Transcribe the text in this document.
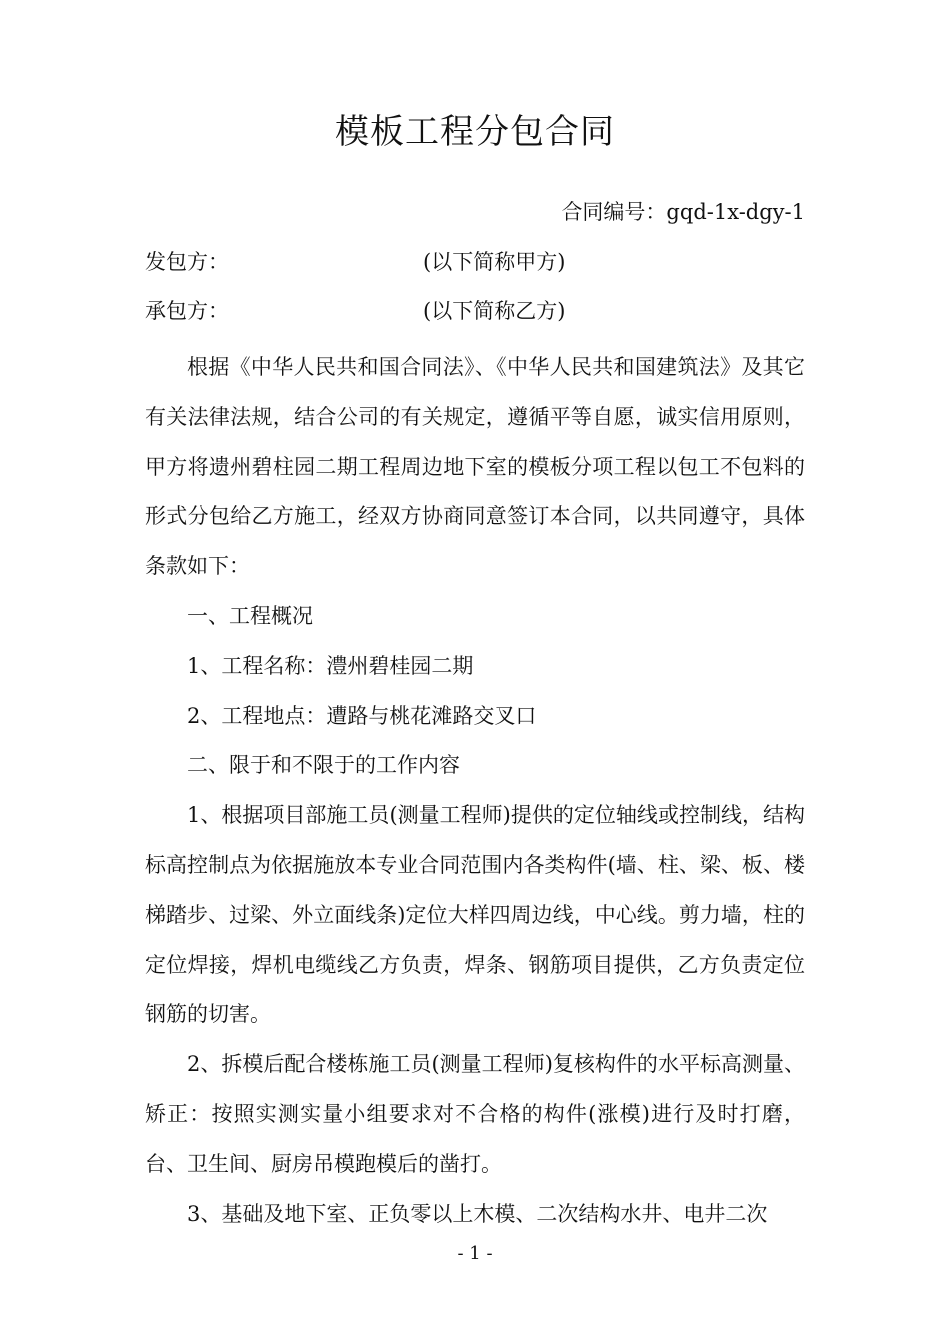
模板工程分包合同
合同编号：gqd-1x-dgy-1
发包方：	(以下简称甲方)
承包方：	(以下简称乙方)

根据《中华人民共和国合同法》、《中华人民共和国建筑法》及其它有关法律法规，结合公司的有关规定，遵循平等自愿，诚实信用原则，甲方将遗州碧柱园二期工程周边地下室的模板分项工程以包工不包料的形式分包给乙方施工，经双方协商同意签订本合同，以共同遵守，具体条款如下：

一、工程概况

1、工程名称：澧州碧桂园二期

2、工程地点：遭路与桃花滩路交叉口

二、限于和不限于的工作内容

1、根据项目部施工员(测量工程师)提供的定位轴线或控制线，结构标高控制点为依据施放本专业合同范围内各类构件(墙、柱、梁、板、楼梯踏步、过梁、外立面线条)定位大样四周边线，中心线。剪力墙，柱的定位焊接，焊机电缆线乙方负责，焊条、钢筋项目提供，乙方负责定位钢筋的切害。

2、拆模后配合楼栋施工员(测量工程师)复核构件的水平标高测量、矫正：按照实测实量小组要求对不合格的构件(涨模)进行及时打磨，台、卫生间、厨房吊模跑模后的凿打。

3、基础及地下室、正负零以上木模、二次结构水井、电井二次

- 1 -
